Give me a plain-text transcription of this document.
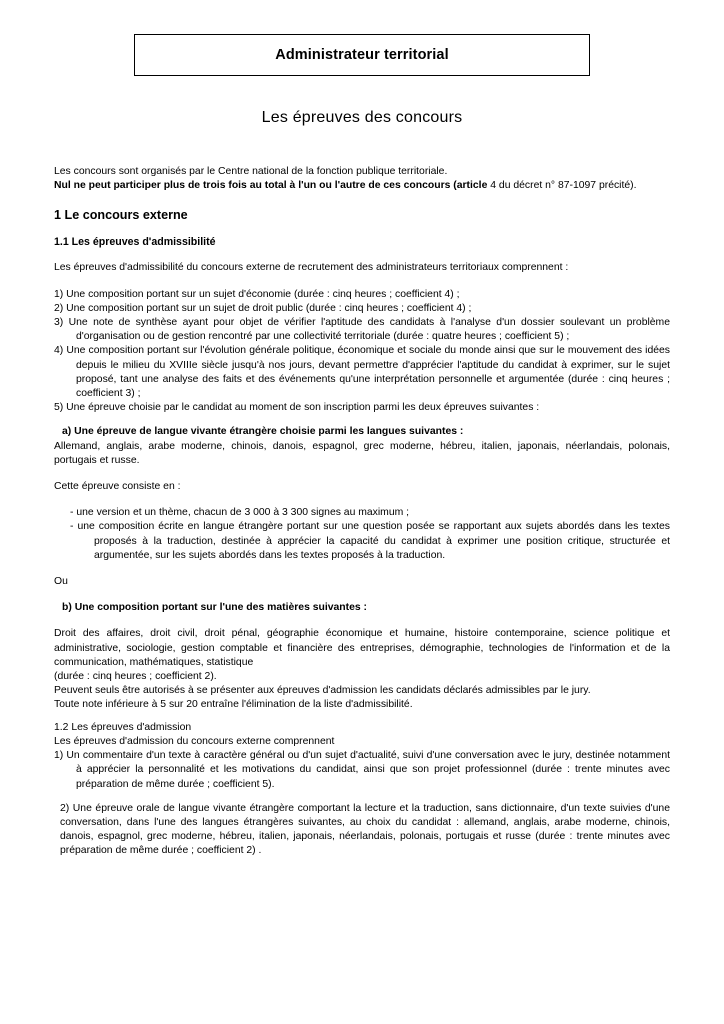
Administrateur territorial
Les épreuves des concours

Les concours sont organisés par le Centre national de la fonction publique territoriale.

Nul ne peut participer plus de trois fois au total à l'un ou l'autre de ces concours (article 4 du décret n° 87-1097 précité).

1 Le concours externe
1.1 Les épreuves d'admissibilité

Les épreuves d'admissibilité du concours externe de recrutement des administrateurs territoriaux comprennent :

1) Une composition portant sur un sujet d'économie (durée : cinq heures ; coefficient 4) ;

2) Une composition portant sur un sujet de droit public (durée : cinq heures ; coefficient 4) ;

3) Une note de synthèse ayant pour objet de vérifier l'aptitude des candidats à l'analyse d'un dossier soulevant un problème d'organisation ou de gestion rencontré par une collectivité territoriale (durée : quatre heures ; coefficient 5) ;

4) Une composition portant sur l'évolution générale politique, économique et sociale du monde ainsi que sur le mouvement des idées depuis le milieu du XVIIIe siècle jusqu'à nos jours, devant permettre d'apprécier l'aptitude du candidat à exprimer, sur le sujet proposé, tant une analyse des faits et des événements qu'une interprétation personnelle et argumentée (durée : cinq heures ; coefficient 3) ;

5) Une épreuve choisie par le candidat au moment de son inscription parmi les deux épreuves suivantes :

a) Une épreuve de langue vivante étrangère choisie parmi les langues suivantes :

Allemand, anglais, arabe moderne, chinois, danois, espagnol, grec moderne, hébreu, italien, japonais, néerlandais, polonais, portugais et russe.

Cette épreuve consiste en :

- une version et un thème, chacun de 3 000 à 3 300 signes au maximum ;

- une composition écrite en langue étrangère portant sur une question posée se rapportant aux sujets abordés dans les textes proposés à la traduction, destinée à apprécier la capacité du candidat à exprimer une position critique, structurée et argumentée, sur les sujets abordés dans les textes proposés à la traduction.

Ou

b) Une composition portant sur l'une des matières suivantes :

Droit des affaires, droit civil, droit pénal, géographie économique et humaine, histoire contemporaine, science politique et administrative, sociologie, gestion comptable et financière des entreprises, démographie, technologies de l'information et de la communication, mathématiques, statistique

(durée : cinq heures ; coefficient 2).

Peuvent seuls être autorisés à se présenter aux épreuves d'admission les candidats déclarés admissibles par le jury.

Toute note inférieure à 5 sur 20 entraîne l'élimination de la liste d'admissibilité.

1.2 Les épreuves d'admission

Les épreuves d'admission du concours externe comprennent

1) Un commentaire d'un texte à caractère général ou d'un sujet d'actualité, suivi d'une conversation avec le jury, destinée notamment à apprécier la personnalité et les motivations du candidat, ainsi que son projet professionnel (durée : trente minutes avec préparation de même durée ; coefficient 5).

2) Une épreuve orale de langue vivante étrangère comportant la lecture et la traduction, sans dictionnaire, d'un texte suivies d'une conversation, dans l'une des langues étrangères suivantes, au choix du candidat : allemand, anglais, arabe moderne, chinois, danois, espagnol, grec moderne, hébreu, italien, japonais, néerlandais, polonais, portugais et russe (durée : trente minutes avec préparation de même durée ; coefficient 2) .
